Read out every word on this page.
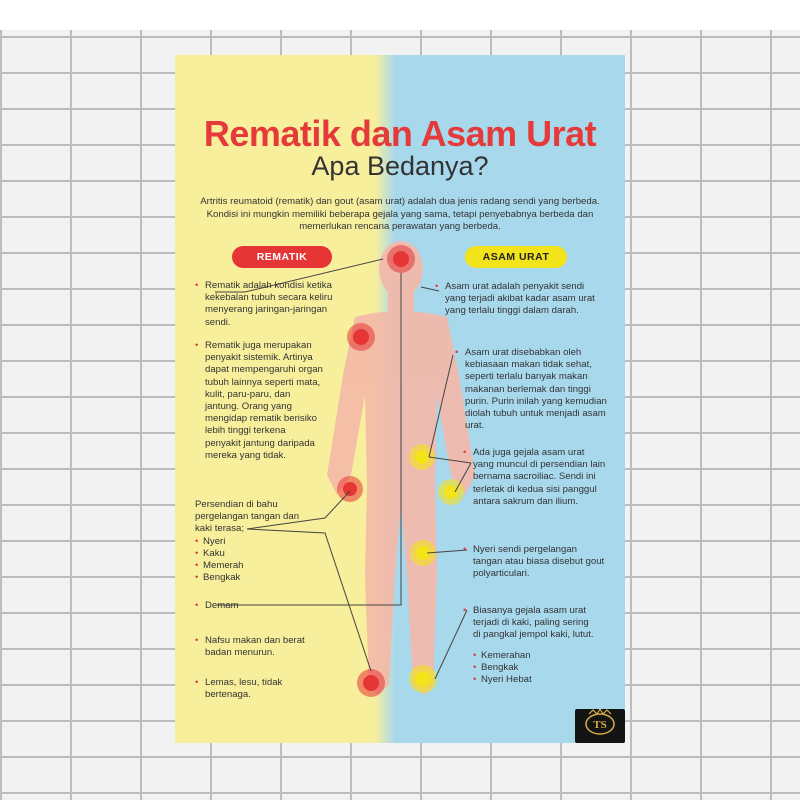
Rematik dan Asam Urat
Apa Bedanya?
Artritis reumatoid (rematik) dan gout (asam urat) adalah dua jenis radang sendi yang berbeda. Kondisi ini mungkin memiliki beberapa gejala yang sama, tetapi penyebabnya berbeda dan memerlukan rencana perawatan yang berbeda.
REMATIK	ASAM URAT
• Rematik adalah kondisi ketika kekebalan tubuh secara keliru menyerang jaringan-jaringan sendi.
• Rematik juga merupakan penyakit sistemik. Artinya dapat mempengaruhi organ tubuh lainnya seperti mata, kulit, paru-paru, dan jantung. Orang yang mengidap rematik berisiko lebih tinggi terkena penyakit jantung daripada mereka yang tidak.
Persendian di bahu pergelangan tangan dan kaki terasa;
• Nyeri
• Kaku
• Memerah
• Bengkak
• Demam
• Nafsu makan dan berat badan menurun.
• Lemas, lesu, tidak bertenaga.
• Asam urat adalah penyakit sendi yang terjadi akibat kadar asam urat yang terlalu tinggi dalam darah.
• Asam urat disebabkan oleh kebiasaan makan tidak sehat, seperti terlalu banyak makan makanan berlemak dan tinggi purin. Purin inilah yang kemudian diolah tubuh untuk menjadi asam urat.
• Ada juga gejala asam urat yang muncul di persendian lain bernama sacroiliac. Sendi ini terletak di kedua sisi panggul antara sakrum dan ilium.
• Nyeri sendi pergelangan tangan atau biasa disebut gout polyarticulari.
• Biasanya gejala asam urat terjadi di kaki, paling sering di pangkal jempol kaki, lutut.
• Kemerahan
• Bengkak
• Nyeri Hebat
TS
